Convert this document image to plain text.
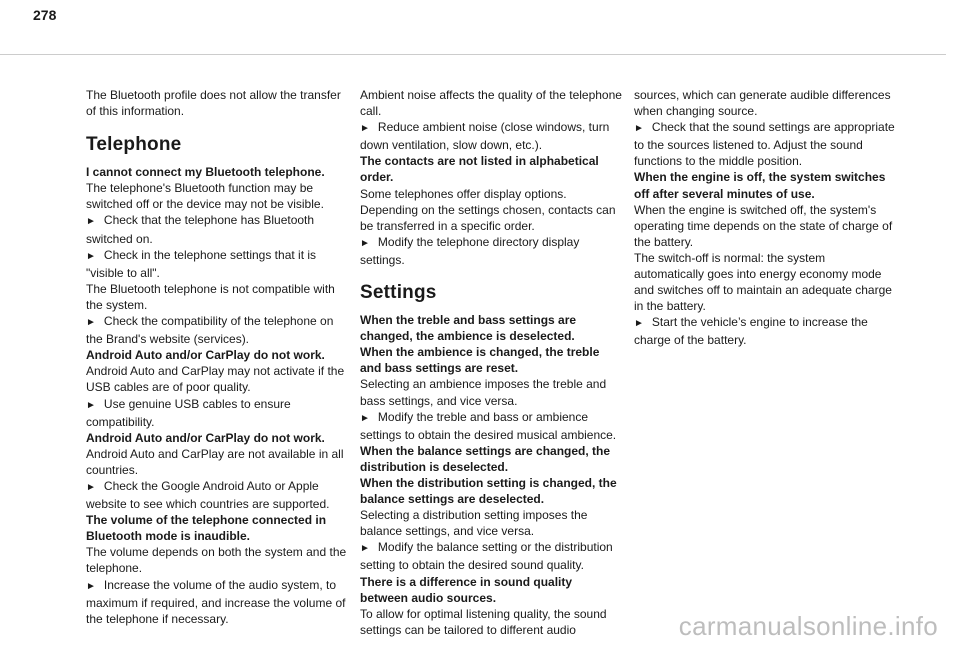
278

The Bluetooth profile does not allow the transfer of this information.

Telephone

I cannot connect my Bluetooth telephone.

The telephone's Bluetooth function may be switched off or the device may not be visible.

► Check that the telephone has Bluetooth switched on.

► Check in the telephone settings that it is "visible to all".

The Bluetooth telephone is not compatible with the system.

► Check the compatibility of the telephone on the Brand's website (services).

Android Auto and/or CarPlay do not work.

Android Auto and CarPlay may not activate if the USB cables are of poor quality.

► Use genuine USB cables to ensure compatibility.

Android Auto and/or CarPlay do not work.

Android Auto and CarPlay are not available in all countries.

► Check the Google Android Auto or Apple website to see which countries are supported.

The volume of the telephone connected in Bluetooth mode is inaudible.

The volume depends on both the system and the telephone.

► Increase the volume of the audio system, to maximum if required, and increase the volume of the telephone if necessary.

Ambient noise affects the quality of the telephone call.

► Reduce ambient noise (close windows, turn down ventilation, slow down, etc.).

The contacts are not listed in alphabetical order.

Some telephones offer display options. Depending on the settings chosen, contacts can be transferred in a specific order.

► Modify the telephone directory display settings.

Settings

When the treble and bass settings are changed, the ambience is deselected.

When the ambience is changed, the treble and bass settings are reset.

Selecting an ambience imposes the treble and bass settings, and vice versa.

► Modify the treble and bass or ambience settings to obtain the desired musical ambience.

When the balance settings are changed, the distribution is deselected.

When the distribution setting is changed, the balance settings are deselected.

Selecting a distribution setting imposes the balance settings, and vice versa.

► Modify the balance setting or the distribution setting to obtain the desired sound quality.

There is a difference in sound quality between audio sources.

To allow for optimal listening quality, the sound settings can be tailored to different audio

sources, which can generate audible differences when changing source.

► Check that the sound settings are appropriate to the sources listened to. Adjust the sound functions to the middle position.

When the engine is off, the system switches off after several minutes of use.

When the engine is switched off, the system's operating time depends on the state of charge of the battery.

The switch-off is normal: the system automatically goes into energy economy mode and switches off to maintain an adequate charge in the battery.

► Start the vehicle’s engine to increase the charge of the battery.

carmanualsonline.info
